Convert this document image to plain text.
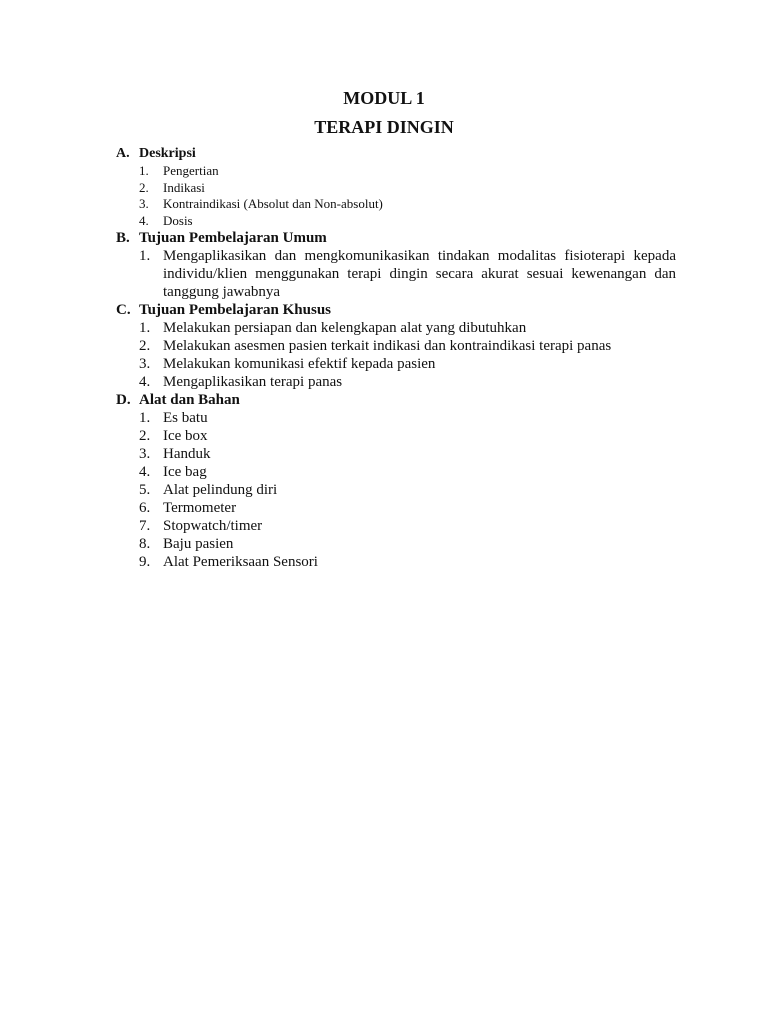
MODUL 1
TERAPI DINGIN
A. Deskripsi
1.	Pengertian
2.	Indikasi
3.	Kontraindikasi (Absolut dan Non-absolut)
4.	Dosis
B. Tujuan Pembelajaran Umum
1. Mengaplikasikan dan mengkomunikasikan tindakan modalitas fisioterapi kepada individu/klien menggunakan terapi dingin secara akurat sesuai kewenangan dan tanggung jawabnya
C. Tujuan Pembelajaran Khusus
1. Melakukan persiapan dan kelengkapan alat yang dibutuhkan
2. Melakukan asesmen pasien terkait indikasi dan kontraindikasi terapi panas
3. Melakukan komunikasi efektif kepada pasien
4. Mengaplikasikan terapi panas
D. Alat dan Bahan
1. Es batu
2. Ice box
3. Handuk
4. Ice bag
5. Alat pelindung diri
6. Termometer
7. Stopwatch/timer
8. Baju pasien
9. Alat Pemeriksaan Sensori
